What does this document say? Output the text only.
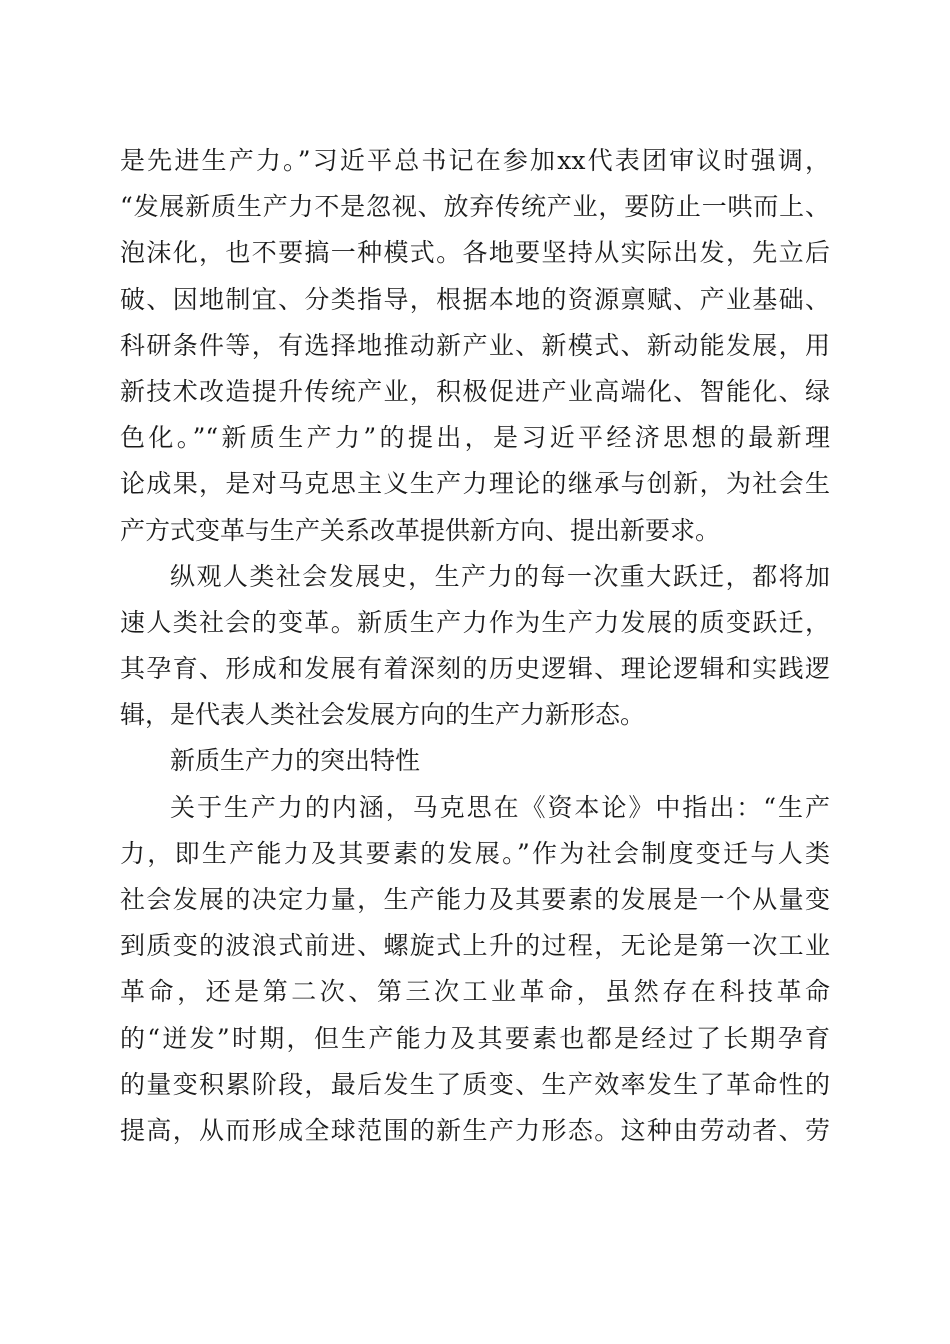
是先进生产力。”习近平总书记在参加xx代表团审议时强调，
“发展新质生产力不是忽视、放弃传统产业，要防止一哄而上、
泡沫化，也不要搞一种模式。各地要坚持从实际出发，先立后
破、因地制宜、分类指导，根据本地的资源禀赋、产业基础、
科研条件等，有选择地推动新产业、新模式、新动能发展，用
新技术改造提升传统产业，积极促进产业高端化、智能化、绿
色化。”“新质生产力”的提出，是习近平经济思想的最新理
论成果，是对马克思主义生产力理论的继承与创新，为社会生
产方式变革与生产关系改革提供新方向、提出新要求。
纵观人类社会发展史，生产力的每一次重大跃迁，都将加
速人类社会的变革。新质生产力作为生产力发展的质变跃迁，
其孕育、形成和发展有着深刻的历史逻辑、理论逻辑和实践逻
辑，是代表人类社会发展方向的生产力新形态。
新质生产力的突出特性
关于生产力的内涵，马克思在《资本论》中指出：“生产
力，即生产能力及其要素的发展。”作为社会制度变迁与人类
社会发展的决定力量，生产能力及其要素的发展是一个从量变
到质变的波浪式前进、螺旋式上升的过程，无论是第一次工业
革命，还是第二次、第三次工业革命，虽然存在科技革命
的“迸发”时期，但生产能力及其要素也都是经过了长期孕育
的量变积累阶段，最后发生了质变、生产效率发生了革命性的
提高，从而形成全球范围的新生产力形态。这种由劳动者、劳
